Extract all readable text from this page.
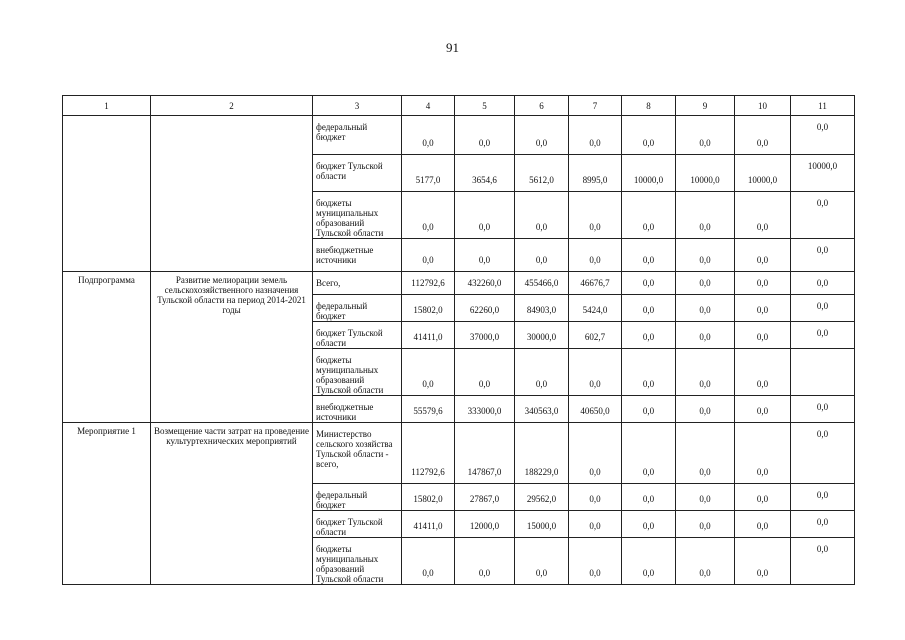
91
1	2	3	4	5	6	7	8	9	10	11
		федеральный бюджет	0,0	0,0	0,0	0,0	0,0	0,0	0,0	0,0
		бюджет Тульской области	5177,0	3654,6	5612,0	8995,0	10000,0	10000,0	10000,0	10000,0
		бюджеты муниципальных образований Тульской области	0,0	0,0	0,0	0,0	0,0	0,0	0,0	0,0
		внебюджетные источники	0,0	0,0	0,0	0,0	0,0	0,0	0,0	0,0
Подпрограмма	Развитие мелиорации земель сельскохозяйственного назначения Тульской области на период 2014-2021 годы	Всего,	112792,6	432260,0	455466,0	46676,7	0,0	0,0	0,0	0,0
		федеральный бюджет	15802,0	62260,0	84903,0	5424,0	0,0	0,0	0,0	0,0
		бюджет Тульской области	41411,0	37000,0	30000,0	602,7	0,0	0,0	0,0	0,0
		бюджеты муниципальных образований Тульской области	0,0	0,0	0,0	0,0	0,0	0,0	0,0	
		внебюджетные источники	55579,6	333000,0	340563,0	40650,0	0,0	0,0	0,0	0,0
Мероприятие 1	Возмещение части затрат на проведение культуртехнических мероприятий	Министерство сельского хозяйства Тульской области - всего,	112792,6	147867,0	188229,0	0,0	0,0	0,0	0,0	0,0
		федеральный бюджет	15802,0	27867,0	29562,0	0,0	0,0	0,0	0,0	0,0
		бюджет Тульской области	41411,0	12000,0	15000,0	0,0	0,0	0,0	0,0	0,0
		бюджеты муниципальных образований Тульской области	0,0	0,0	0,0	0,0	0,0	0,0	0,0	0,0
